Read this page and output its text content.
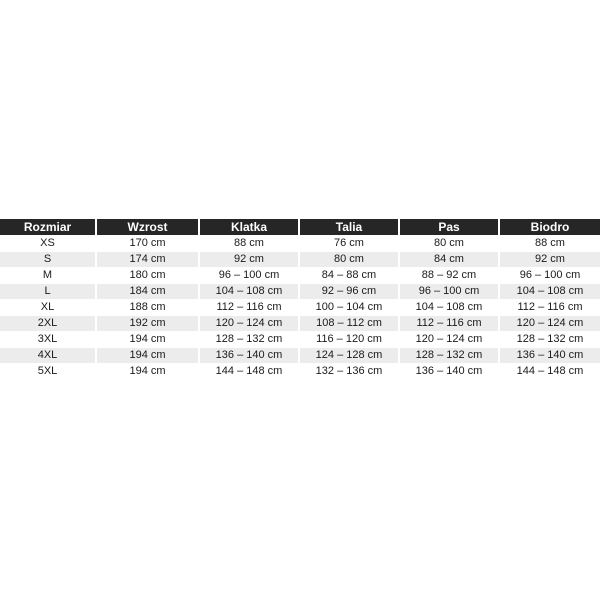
Rozmiar	Wzrost	Klatka	Talia	Pas	Biodro
XS	170 cm	88 cm	76 cm	80 cm	88 cm
S	174 cm	92 cm	80 cm	84 cm	92 cm
M	180 cm	96 – 100 cm	84 – 88 cm	88 – 92 cm	96 – 100 cm
L	184 cm	104 – 108 cm	92 – 96 cm	96 – 100 cm	104 – 108 cm
XL	188 cm	112 – 116 cm	100 – 104 cm	104 – 108 cm	112 – 116 cm
2XL	192 cm	120 – 124 cm	108 – 112 cm	112 – 116 cm	120 – 124 cm
3XL	194 cm	128 – 132 cm	116 – 120 cm	120 – 124 cm	128 – 132 cm
4XL	194 cm	136 – 140 cm	124 – 128 cm	128 – 132 cm	136 – 140 cm
5XL	194 cm	144 – 148 cm	132 – 136 cm	136 – 140 cm	144 – 148 cm
